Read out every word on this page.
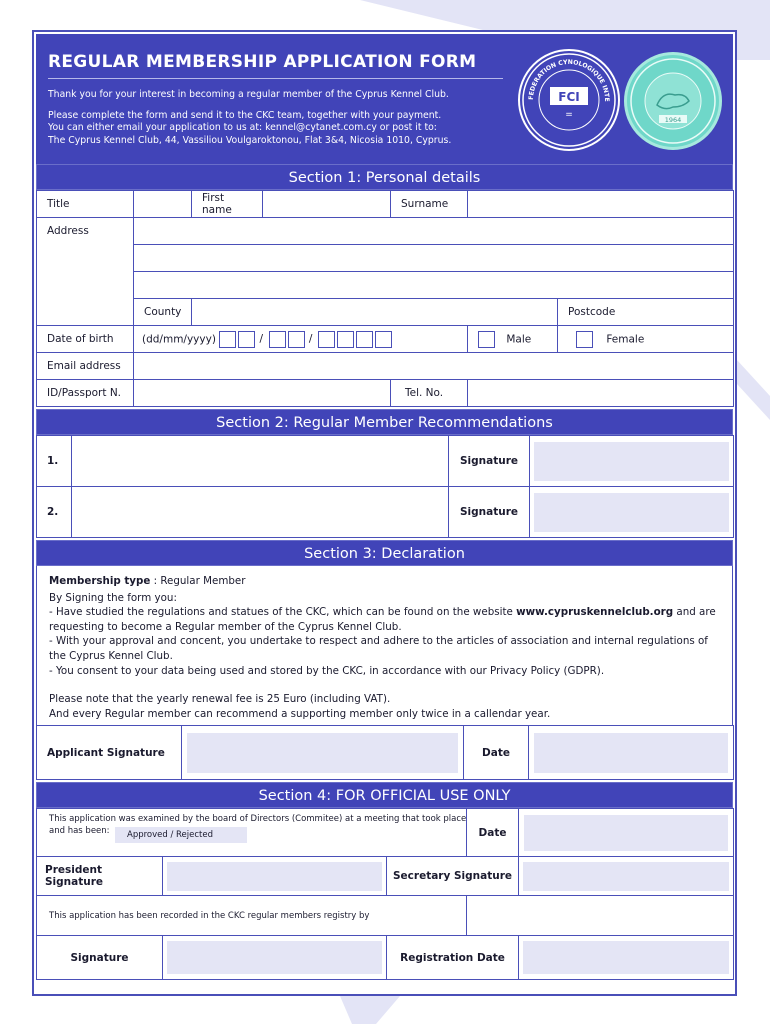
REGULAR MEMBERSHIP APPLICATION FORM

Thank you for your interest in becoming a regular member of the Cyprus Kennel Club.

Please complete the form and send it to the CKC team, together with your payment.
You can either email your application to us at: kennel@cytanet.com.cy or post it to:
The Cyprus Kennel Club, 44, Vassiliou Voulgaroktonou, Flat 3&4, Nicosia 1010, Cyprus.

FCI
=
FEDERATION CYNOLOGIQUE INTE
1964
Section 1: Personal details
Title		First name		Surname			
Address							

	County					Postcode	
Date of birth	(dd/mm/yyyy) / /				Male	Female	
Email address							
ID/Passport N.				Tel. No.			
Section 2: Regular Member Recommendations
1.		Signature	

2.		Signature	
Section 3: Declaration
Membership type : Regular Member
By Signing the form you:
- Have studied the regulations and statues of the CKC, which can be found on the website www.cypruskennelclub.org and are requesting to become a Regular member of the Cyprus Kennel Club.
- With your approval and concent, you undertake to respect and adhere to the articles of association and internal regulations of the Cyprus Kennel Club.
- You consent to your data being used and stored by the CKC, in accordance with our Privacy Policy (GDPR).
Please note that the yearly renewal fee is 25 Euro (including VAT).
And every Regular member can recommend a supporting member only twice in a callendar year.
Applicant Signature		Date	
Section 4: FOR OFFICIAL USE ONLY
This application was examined by the board of Directors (Commitee) at a meeting that took place and has been: Approved / Rejected			Date	

President Signature		Secretary Signature		

This application has been recorded in the CKC regular members registry by				
Signature		Registration Date		
